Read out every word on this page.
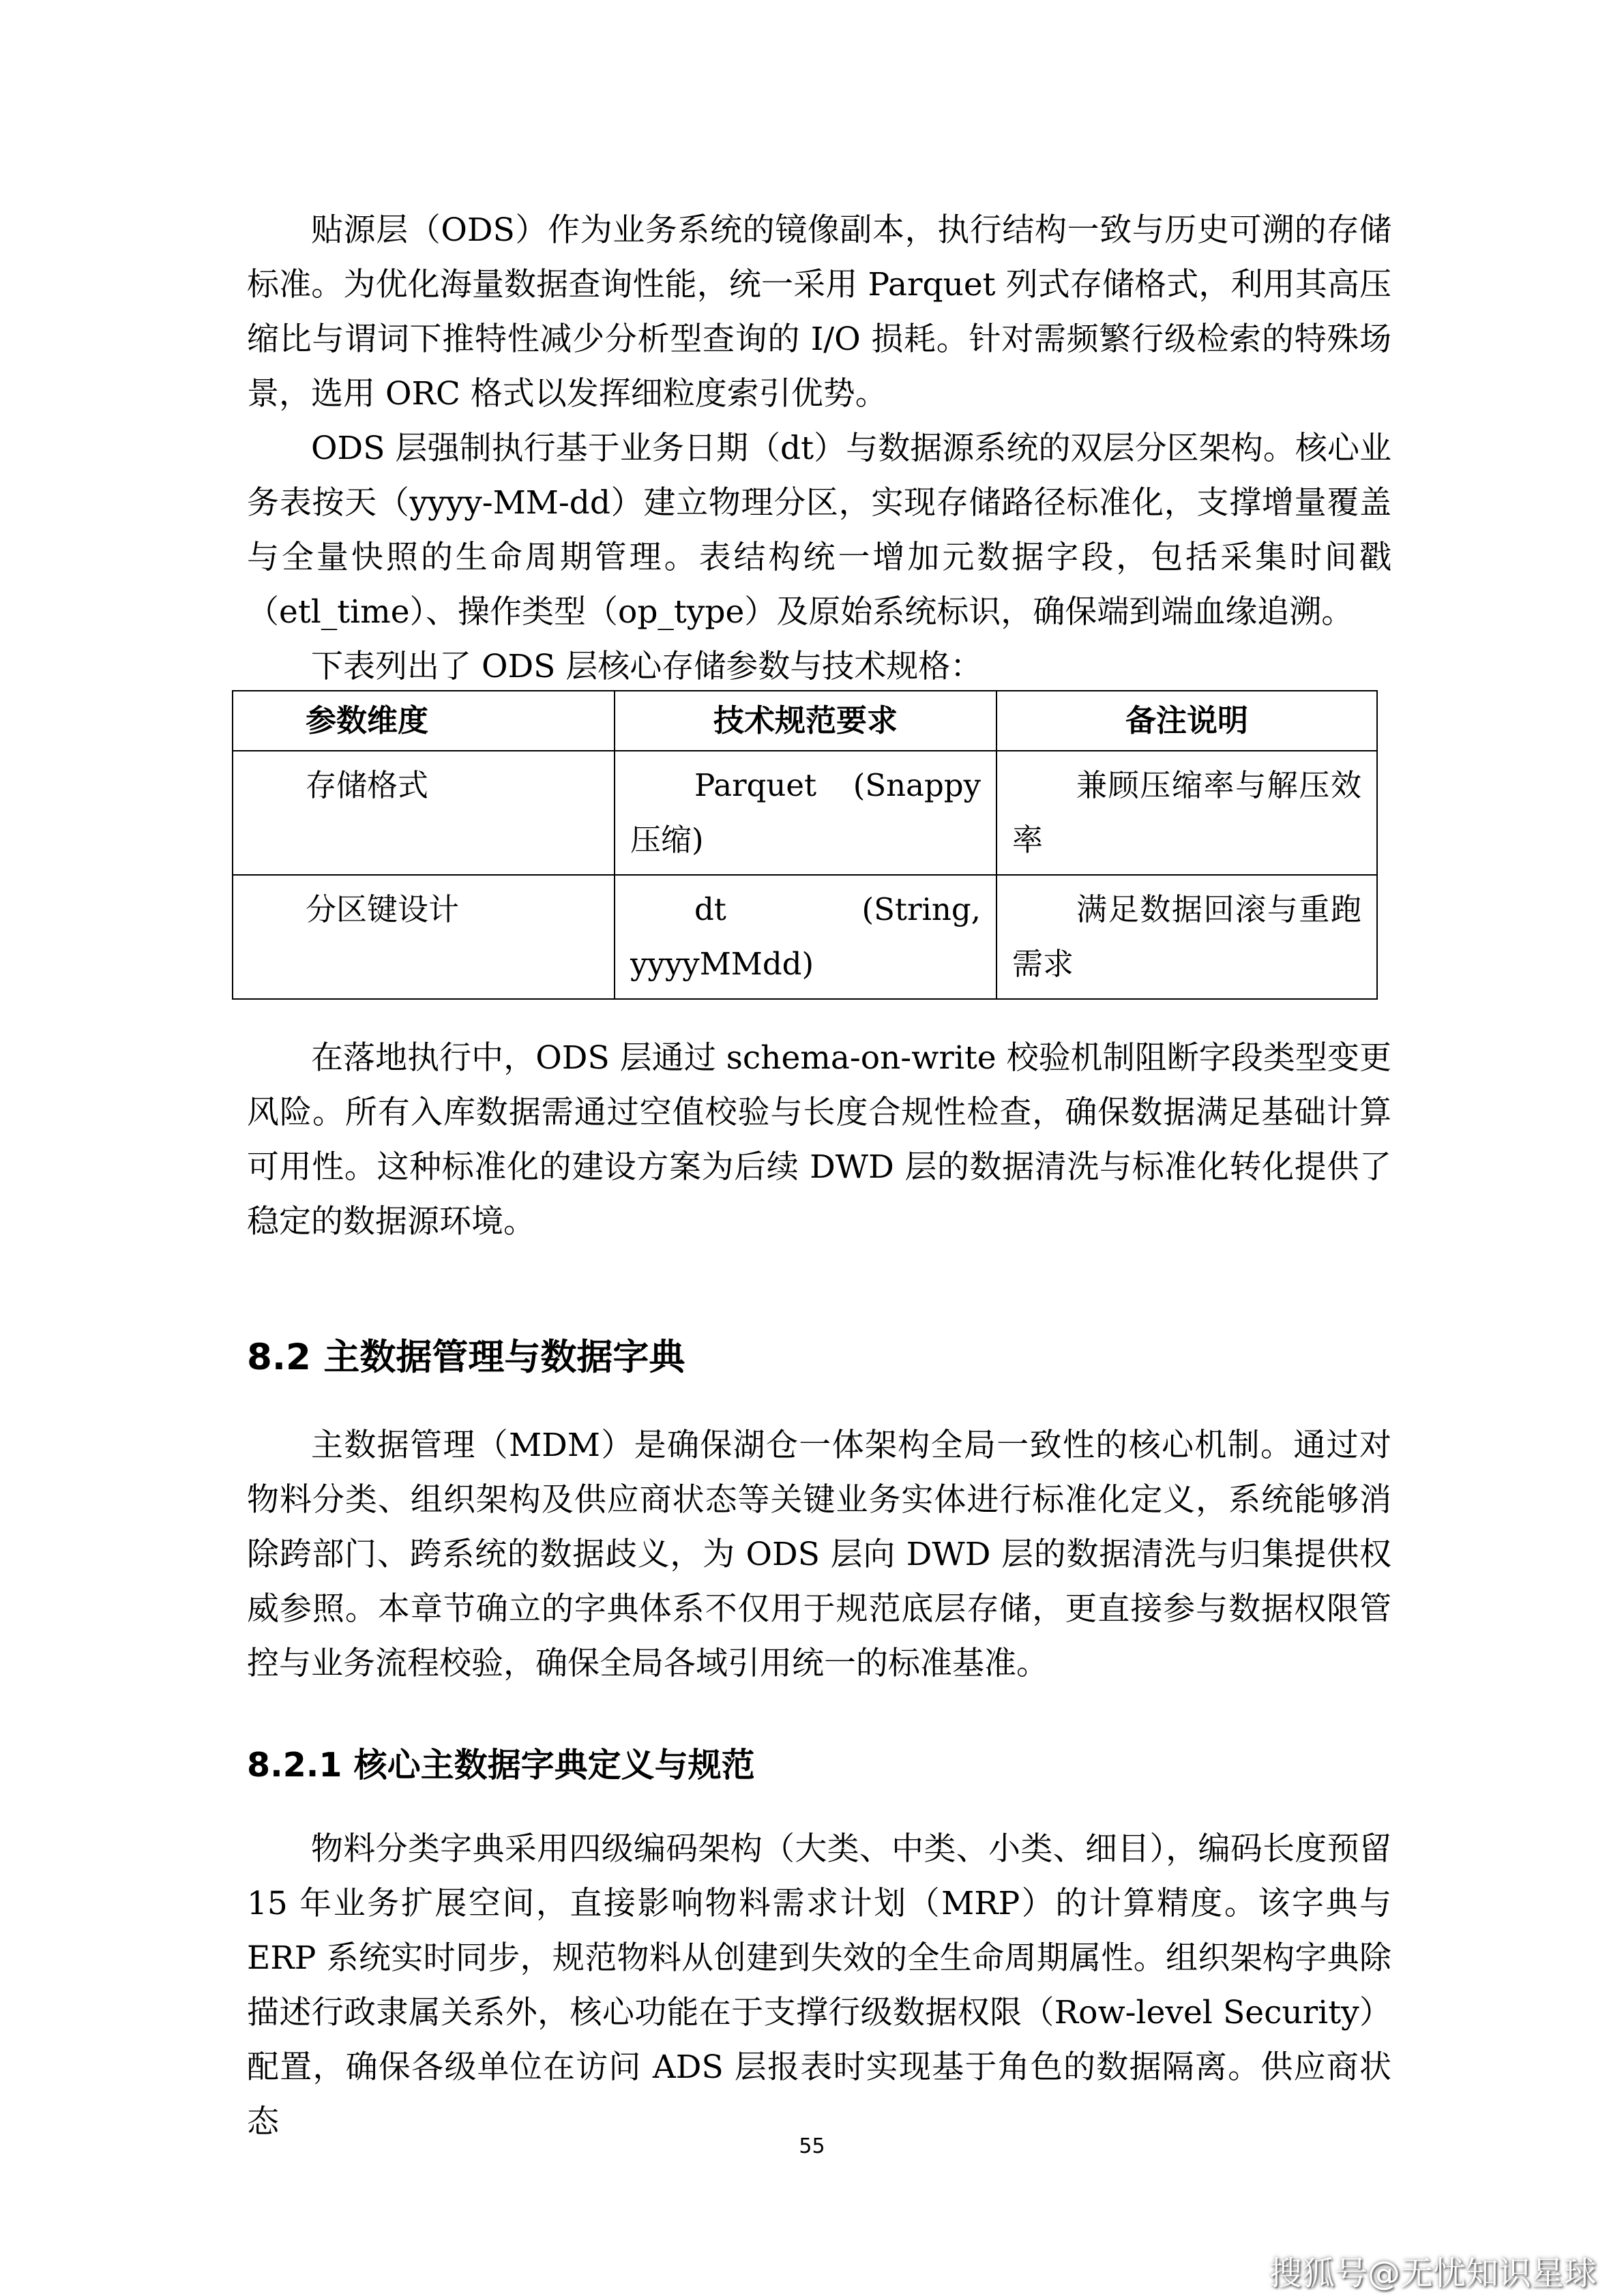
贴源层（ODS）作为业务系统的镜像副本，执行结构一致与历史可溯的存储标准。为优化海量数据查询性能，统一采用 Parquet 列式存储格式，利用其高压缩比与谓词下推特性减少分析型查询的 I/O 损耗。针对需频繁行级检索的特殊场景，选用 ORC 格式以发挥细粒度索引优势。

ODS 层强制执行基于业务日期（dt）与数据源系统的双层分区架构。核心业务表按天（yyyy-MM-dd）建立物理分区，实现存储路径标准化，支撑增量覆盖与全量快照的生命周期管理。表结构统一增加元数据字段，包括采集时间戳（etl_time）、操作类型（op_type）及原始系统标识，确保端到端血缘追溯。

下表列出了 ODS 层核心存储参数与技术规格：

参数维度	技术规范要求	备注说明
存储格式	Parquet (Snappy 压缩)	兼顾压缩率与解压效率
分区键设计	dt (String, yyyyMMdd)	满足数据回滚与重跑需求

在落地执行中，ODS 层通过 schema-on-write 校验机制阻断字段类型变更风险。所有入库数据需通过空值校验与长度合规性检查，确保数据满足基础计算可用性。这种标准化的建设方案为后续 DWD 层的数据清洗与标准化转化提供了稳定的数据源环境。

8.2 主数据管理与数据字典

主数据管理（MDM）是确保湖仓一体架构全局一致性的核心机制。通过对物料分类、组织架构及供应商状态等关键业务实体进行标准化定义，系统能够消除跨部门、跨系统的数据歧义，为 ODS 层向 DWD 层的数据清洗与归集提供权威参照。本章节确立的字典体系不仅用于规范底层存储，更直接参与数据权限管控与业务流程校验，确保全局各域引用统一的标准基准。

8.2.1 核心主数据字典定义与规范

物料分类字典采用四级编码架构（大类、中类、小类、细目），编码长度预留 15 年业务扩展空间，直接影响物料需求计划（MRP）的计算精度。该字典与 ERP 系统实时同步，规范物料从创建到失效的全生命周期属性。组织架构字典除描述行政隶属关系外，核心功能在于支撑行级数据权限（Row-level Security）配置，确保各级单位在访问 ADS 层报表时实现基于角色的数据隔离。供应商状态

55
搜狐号@无忧知识星球
